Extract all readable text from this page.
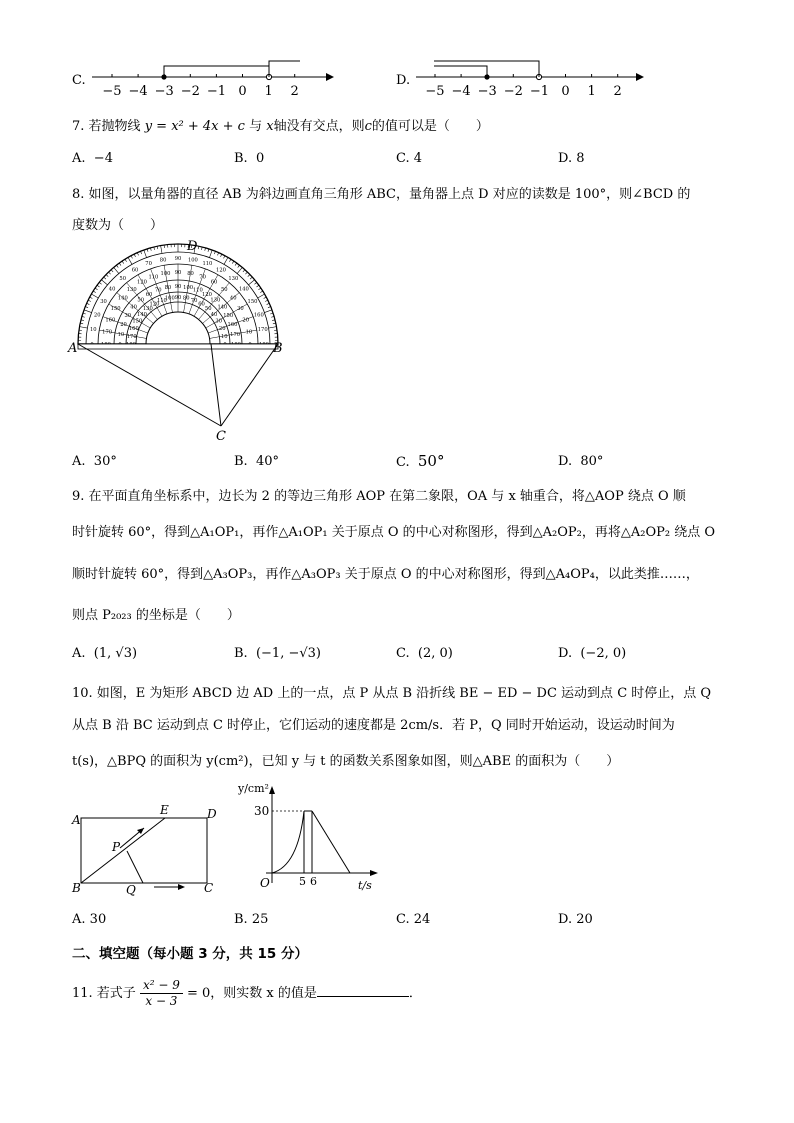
C.
−5 −4 −3 −2 −1 0 1 2
D.
−5 −4 −3 −2 −1 0 1 2
7. 若抛物线 y = x² + 4x + c 与 x轴没有交点，则c的值可以是（　　）
A. −4	B. 0	C. 4	D. 8
8. 如图，以量角器的直径 AB 为斜边画直角三角形 ABC，量角器上点 D 对应的读数是 100°，则∠BCD 的
度数为（　　）
10 170 10 170
20
160
20
160
30
150
30
150
40
140
40
140
50
130
50
130
60
120
60
120
70
110
70
110
80
100
80
100
90
90
90
90
100
80
100
80
110
70
110
70
120
60
120
60
130
50
130
50
140
40
140
40
150
30
150
30
160
20
160
20	170
10
170
10
A	B
C
D
A. 30°	B. 40°	C. 50°	D. 80°
9. 在平面直角坐标系中，边长为 2 的等边三角形 AOP 在第二象限，OA 与 x 轴重合，将△AOP 绕点 O 顺
时针旋转 60°，得到△A₁OP₁，再作△A₁OP₁ 关于原点 O 的中心对称图形，得到△A₂OP₂，再将△A₂OP₂ 绕点 O
顺时针旋转 60°，得到△A₃OP₃，再作△A₃OP₃ 关于原点 O 的中心对称图形，得到△A₄OP₄，以此类推……，
则点 P₂₀₂₃ 的坐标是（　　）
A. (1, √3)	B. (−1, −√3)	C. (2, 0)	D. (−2, 0)
10. 如图，E 为矩形 ABCD 边 AD 上的一点，点 P 从点 B 沿折线 BE − ED − DC 运动到点 C 时停止，点 Q
从点 B 沿 BC 运动到点 C 时停止，它们运动的速度都是 2cm/s．若 P，Q 同时开始运动，设运动时间为
t(s)，△BPQ 的面积为 y(cm²)，已知 y 与 t 的函数关系图象如图，则△ABE 的面积为（　　）
A
E	D
P
B	Q	C
y/cm²
30
O	5 6	t/s
A. 30	B. 25	C. 24	D. 20
二、填空题（每小题 3 分，共 15 分）
11. 若式子 $\frac{\text{x² − 9}}{x - 3} = 0$，则实数 x 的值是	．
